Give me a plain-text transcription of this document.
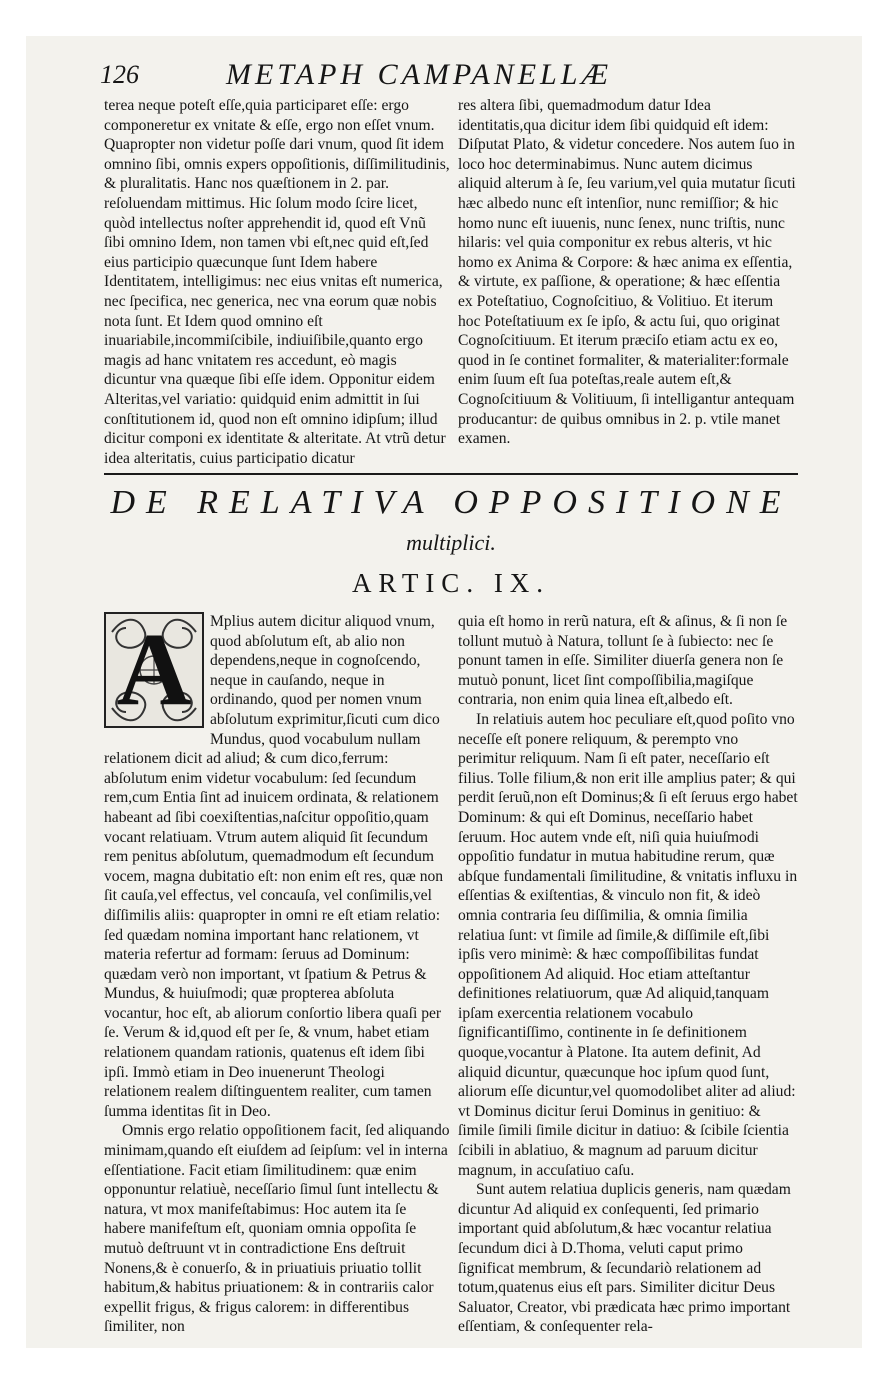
126	METAPH CAMPANELLÆ

terea neque poteſt eſſe,quia participaret eſſe: ergo componeretur ex vnitate & eſſe, ergo non eſſet vnum. Quapropter non videtur poſſe dari vnum, quod ſit idem omnino ſibi, omnis expers oppoſitionis, diſſimilitudinis, & pluralitatis. Hanc nos quæſtionem in 2. par. reſoluendam mittimus. Hic ſolum modo ſcire licet, quòd intellectus noſter apprehendit id, quod eſt Vnũ ſibi omnino Idem, non tamen vbi eſt,nec quid eſt,ſed eius participio quæcunque ſunt Idem habere Identitatem, intelligimus: nec eius vnitas eſt numerica, nec ſpecifica, nec generica, nec vna eorum quæ nobis nota ſunt. Et Idem quod omnino eſt inuariabile,incommiſcibile, indiuiſibile,quanto ergo magis ad hanc vnitatem res accedunt, eò magis dicuntur vna quæque ſibi eſſe idem. Opponitur eidem Alteritas,vel variatio: quidquid enim admittit in ſui conſtitutionem id, quod non eſt omnino idipſum; illud dicitur componi ex identitate & alteritate. At vtrũ detur idea alteritatis, cuius participatio dicatur

res altera ſibi, quemadmodum datur Idea identitatis,qua dicitur idem ſibi quidquid eſt idem: Diſputat Plato, & videtur concedere. Nos autem ſuo in loco hoc determinabimus. Nunc autem dicimus aliquid alterum à ſe, ſeu varium,vel quia mutatur ſicuti hæc albedo nunc eſt intenſior, nunc remiſſior; & hic homo nunc eſt iuuenis, nunc ſenex, nunc triſtis, nunc hilaris: vel quia componitur ex rebus alteris, vt hic homo ex Anima & Corpore: & hæc anima ex eſſentia, & virtute, ex paſſione, & operatione; & hæc eſſentia ex Poteſtatiuo, Cognoſcitiuo, & Volitiuo. Et iterum hoc Poteſtatiuum ex ſe ipſo, & actu ſui, quo originat Cognoſcitiuum. Et iterum præciſo etiam actu ex eo, quod in ſe continet formaliter, & materialiter:formale enim ſuum eſt ſua poteſtas,reale autem eſt,& Cognoſcitiuum & Volitiuum, ſi intelligantur antequam producantur: de quibus omnibus in 2. p. vtile manet examen.

DE RELATIVA OPPOSITIONE
multiplici.
ARTIC. IX.
A	Mplius autem dicitur aliquod vnum, quod abſolutum eſt, ab alio non dependens,neque in cognoſcendo, neque in cauſando, neque in ordinando, quod per nomen vnum abſolutum exprimitur,ſicuti cum dico Mundus, quod vocabulum nullam relationem dicit ad aliud; & cum dico,ferrum: abſolutum enim videtur vocabulum: ſed ſecundum rem,cum Entia ſint ad inuicem ordinata, & relationem habeant ad ſibi coexiſtentias,naſcitur oppoſitio,quam vocant relatiuam. Vtrum autem aliquid ſit ſecundum rem penitus abſolutum, quemadmodum eſt ſecundum vocem, magna dubitatio eſt: non enim eſt res, quæ non ſit cauſa,vel effectus, vel concauſa, vel conſimilis,vel diſſimilis aliis: quapropter in omni re eſt etiam relatio: ſed quædam nomina important hanc relationem, vt materia refertur ad formam: ſeruus ad Dominum: quædam verò non important, vt ſpatium & Petrus & Mundus, & huiuſmodi; quæ propterea abſoluta vocantur, hoc eſt, ab aliorum conſortio libera quaſi per ſe. Verum & id,quod eſt per ſe, & vnum, habet etiam relationem quandam rationis, quatenus eſt idem ſibi ipſi. Immò etiam in Deo inuenerunt Theologi relationem realem diſtinguentem realiter, cum tamen ſumma identitas ſit in Deo.

Omnis ergo relatio oppoſitionem facit, ſed aliquando minimam,quando eſt eiuſdem ad ſeipſum: vel in interna eſſentiatione. Facit etiam ſimilitudinem: quæ enim opponuntur relatiuè, neceſſario ſimul ſunt intellectu & natura, vt mox manifeſtabimus: Hoc autem ita ſe habere manifeſtum eſt, quoniam omnia oppoſita ſe mutuò deſtruunt vt in contradictione Ens deſtruit Nonens,& è conuerſo, & in priuatiuis priuatio tollit habitum,& habitus priuationem: & in contrariis calor expellit frigus, & frigus calorem: in differentibus ſimiliter, non

quia eſt homo in rerũ natura, eſt & aſinus, & ſi non ſe tollunt mutuò à Natura, tollunt ſe à ſubiecto: nec ſe ponunt tamen in eſſe. Similiter diuerſa genera non ſe mutuò ponunt, licet ſint compoſſibilia,magiſque contraria, non enim quia linea eſt,albedo eſt.

In relatiuis autem hoc peculiare eſt,quod poſito vno neceſſe eſt ponere reliquum, & perempto vno perimitur reliquum. Nam ſi eſt pater, neceſſario eſt filius. Tolle filium,& non erit ille amplius pater; & qui perdit ſeruũ,non eſt Dominus;& ſi eſt ſeruus ergo habet Dominum: & qui eſt Dominus, neceſſario habet ſeruum. Hoc autem vnde eſt, niſi quia huiuſmodi oppoſitio fundatur in mutua habitudine rerum, quæ abſque fundamentali ſimilitudine, & vnitatis influxu in eſſentias & exiſtentias, & vinculo non fit, & ideò omnia contraria ſeu diſſimilia, & omnia ſimilia relatiua ſunt: vt ſimile ad ſimile,& diſſimile eſt,ſibi ipſis vero minimè: & hæc compoſſibilitas fundat oppoſitionem Ad aliquid. Hoc etiam atteſtantur definitiones relatiuorum, quæ Ad aliquid,tanquam ipſam exercentia relationem vocabulo ſignificantiſſimo, continente in ſe definitionem quoque,vocantur à Platone. Ita autem definit, Ad aliquid dicuntur, quæcunque hoc ipſum quod ſunt, aliorum eſſe dicuntur,vel quomodolibet aliter ad aliud: vt Dominus dicitur ſerui Dominus in genitiuo: & ſimile ſimili ſimile dicitur in datiuo: & ſcibile ſcientia ſcibili in ablatiuo, & magnum ad paruum dicitur magnum, in accuſatiuo caſu.

Sunt autem relatiua duplicis generis, nam quædam dicuntur Ad aliquid ex conſequenti, ſed primario important quid abſolutum,& hæc vocantur relatiua ſecundum dici à D.Thoma, veluti caput primo ſignificat membrum, & ſecundariò relationem ad totum,quatenus eius eſt pars. Similiter dicitur Deus Saluator, Creator, vbi prædicata hæc primo important eſſentiam, & conſequenter rela-
